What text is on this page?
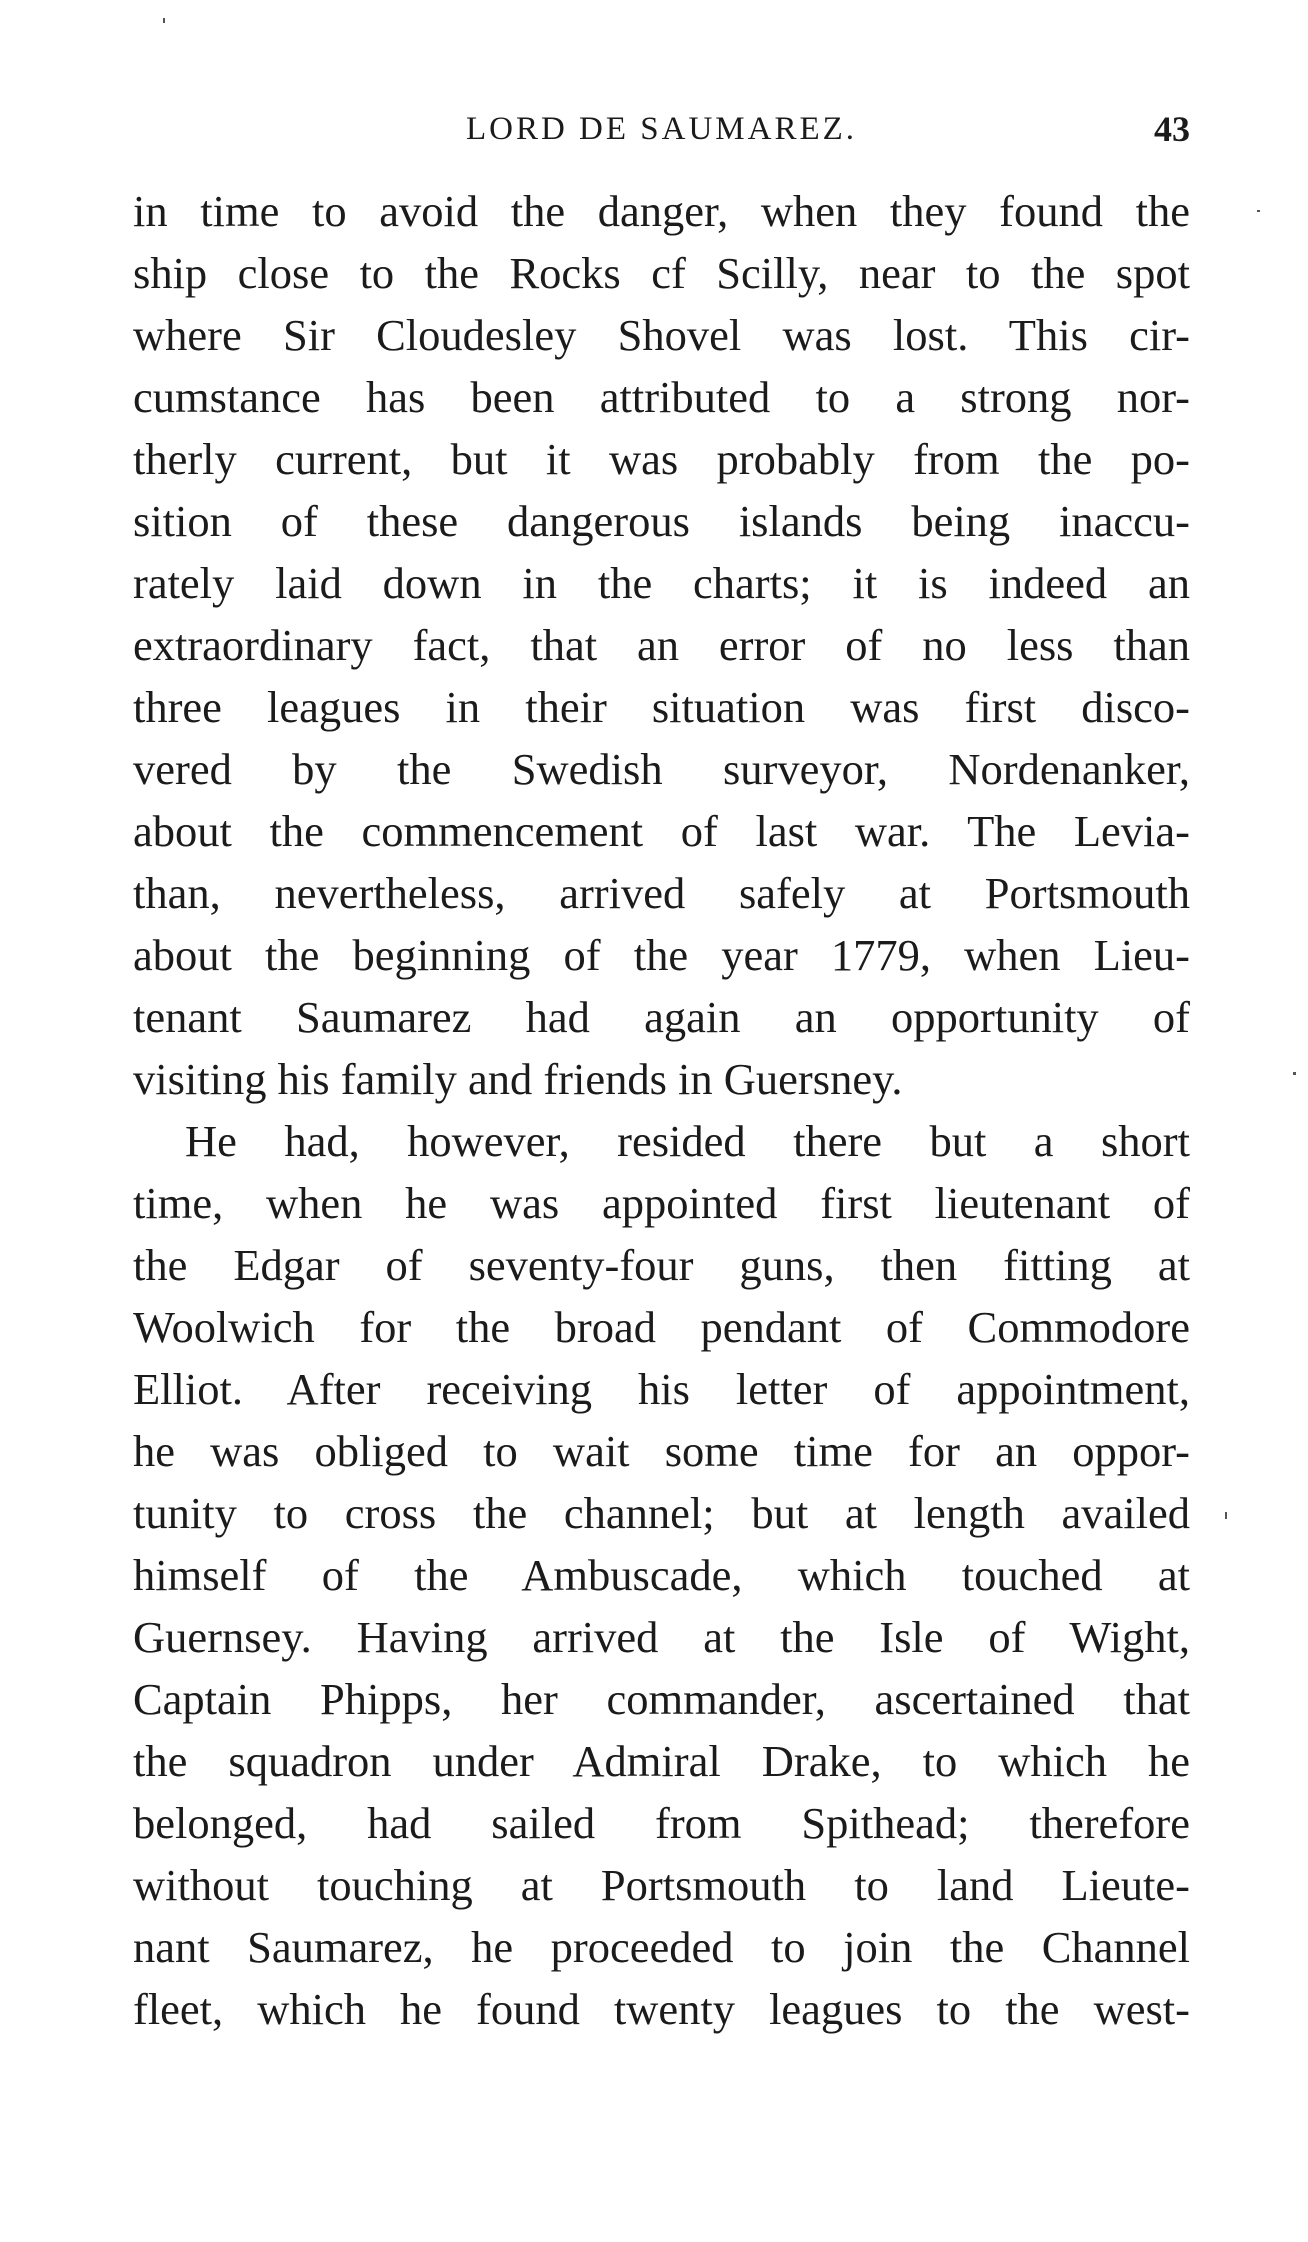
LORD DE SAUMAREZ.	43
in time to avoid the danger, when they found the
ship close to the Rocks cf Scilly, near to the spot
where Sir Cloudesley Shovel was lost. This cir-
cumstance has been attributed to a strong nor-
therly current, but it was probably from the po-
sition of these dangerous islands being inaccu-
rately laid down in the charts; it is indeed an
extraordinary fact, that an error of no less than
three leagues in their situation was first disco-
vered by the Swedish surveyor, Nordenanker,
about the commencement of last war. The Levia-
than, nevertheless, arrived safely at Portsmouth
about the beginning of the year 1779, when Lieu-
tenant Saumarez had again an opportunity of
visiting his family and friends in Guersney.
He had, however, resided there but a short
time, when he was appointed first lieutenant of
the Edgar of seventy-four guns, then fitting at
Woolwich for the broad pendant of Commodore
Elliot. After receiving his letter of appointment,
he was obliged to wait some time for an oppor-
tunity to cross the channel; but at length availed
himself of the Ambuscade, which touched at
Guernsey. Having arrived at the Isle of Wight,
Captain Phipps, her commander, ascertained that
the squadron under Admiral Drake, to which he
belonged, had sailed from Spithead; therefore
without touching at Portsmouth to land Lieute-
nant Saumarez, he proceeded to join the Channel
fleet, which he found twenty leagues to the west-
